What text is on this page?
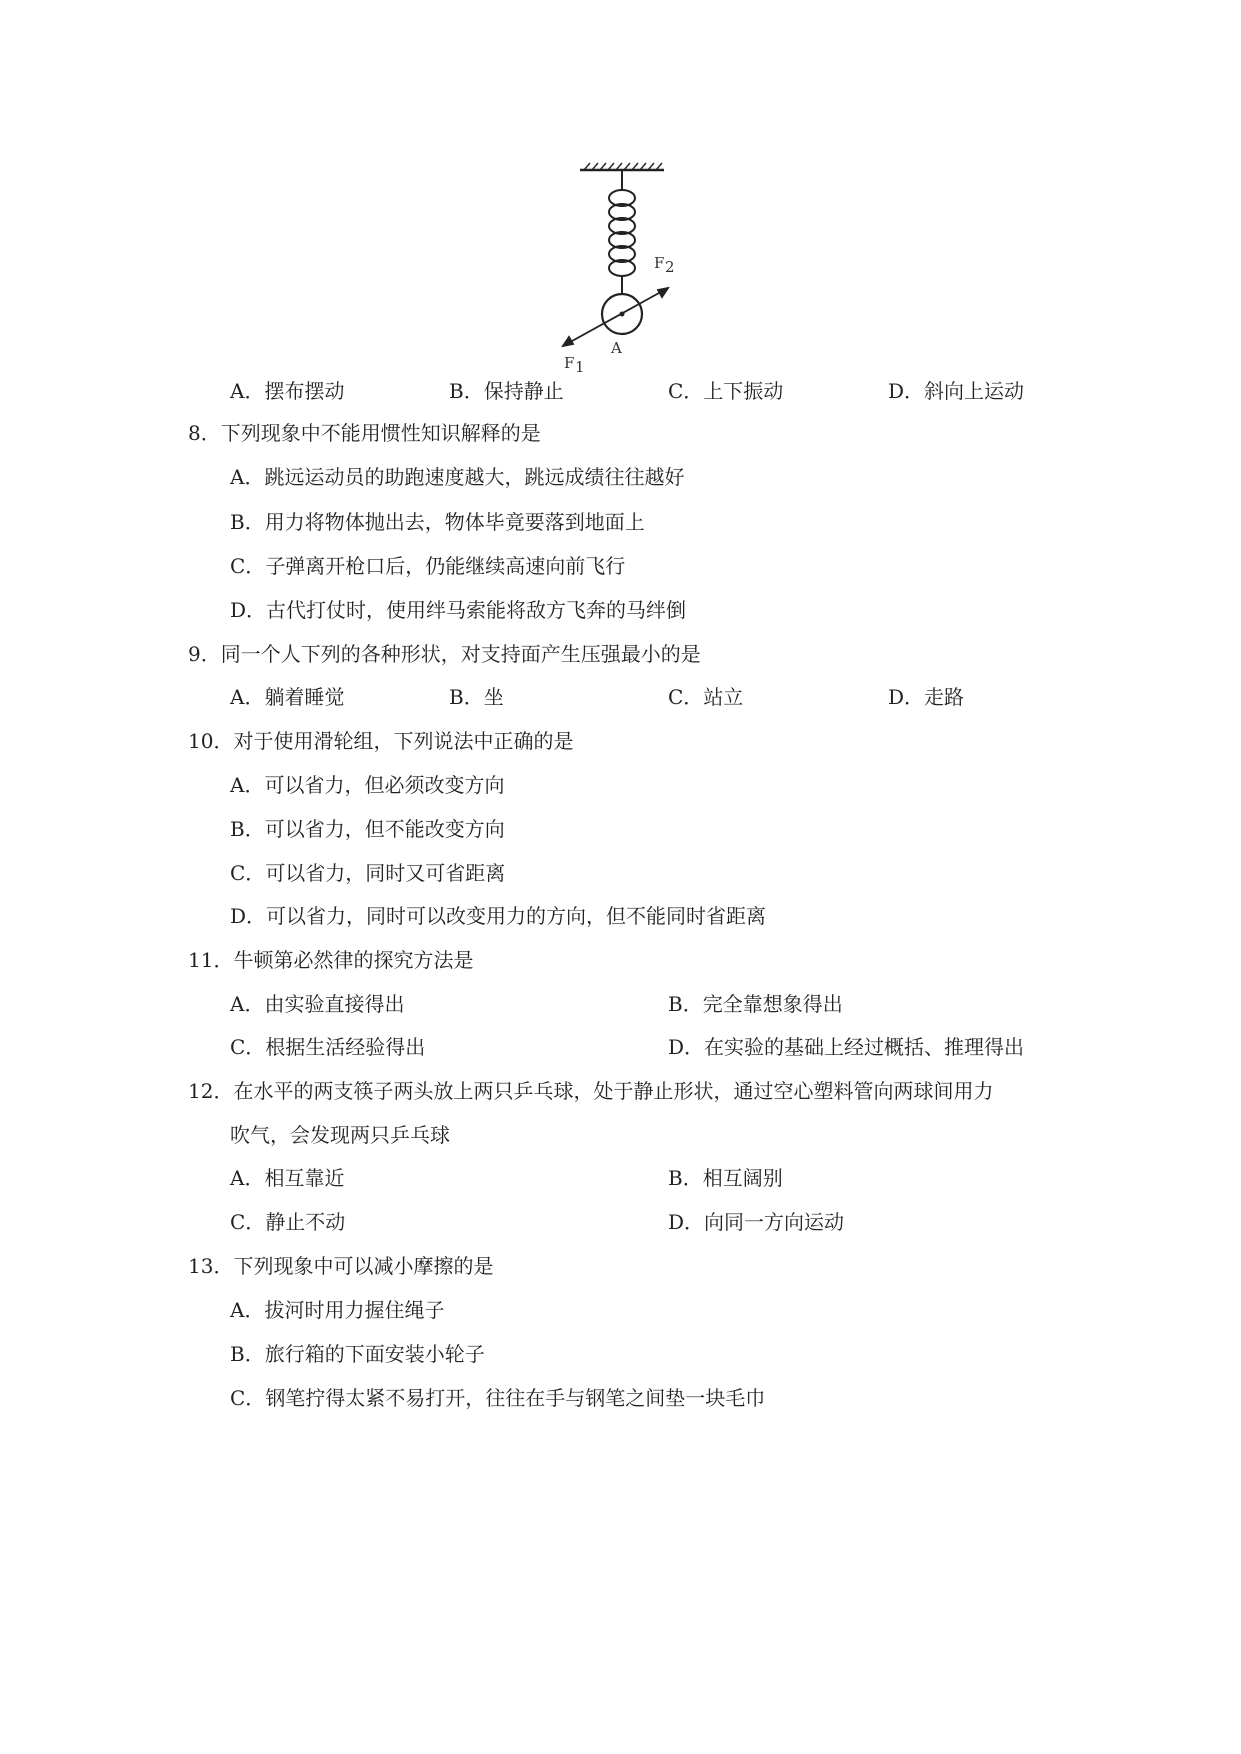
F 2
F 1
A
A．摆布摆动	B．保持静止	C．上下振动	D．斜向上运动
8．下列现象中不能用惯性知识解释的是
A．跳远运动员的助跑速度越大，跳远成绩往往越好
B．用力将物体抛出去，物体毕竟要落到地面上
C．子弹离开枪口后，仍能继续高速向前飞行
D．古代打仗时，使用绊马索能将敌方飞奔的马绊倒
9．同一个人下列的各种形状，对支持面产生压强最小的是
A．躺着睡觉	B．坐	C．站立	D．走路
10．对于使用滑轮组，下列说法中正确的是
A．可以省力，但必须改变方向
B．可以省力，但不能改变方向
C．可以省力，同时又可省距离
D．可以省力，同时可以改变用力的方向，但不能同时省距离
11．牛顿第必然律的探究方法是
A．由实验直接得出	B．完全靠想象得出
C．根据生活经验得出	D．在实验的基础上经过概括、推理得出
12．在水平的两支筷子两头放上两只乒乓球，处于静止形状，通过空心塑料管向两球间用力
吹气，会发现两只乒乓球
A．相互靠近	B．相互阔别
C．静止不动	D．向同一方向运动
13．下列现象中可以减小摩擦的是
A．拔河时用力握住绳子
B．旅行箱的下面安装小轮子
C．钢笔拧得太紧不易打开，往往在手与钢笔之间垫一块毛巾
